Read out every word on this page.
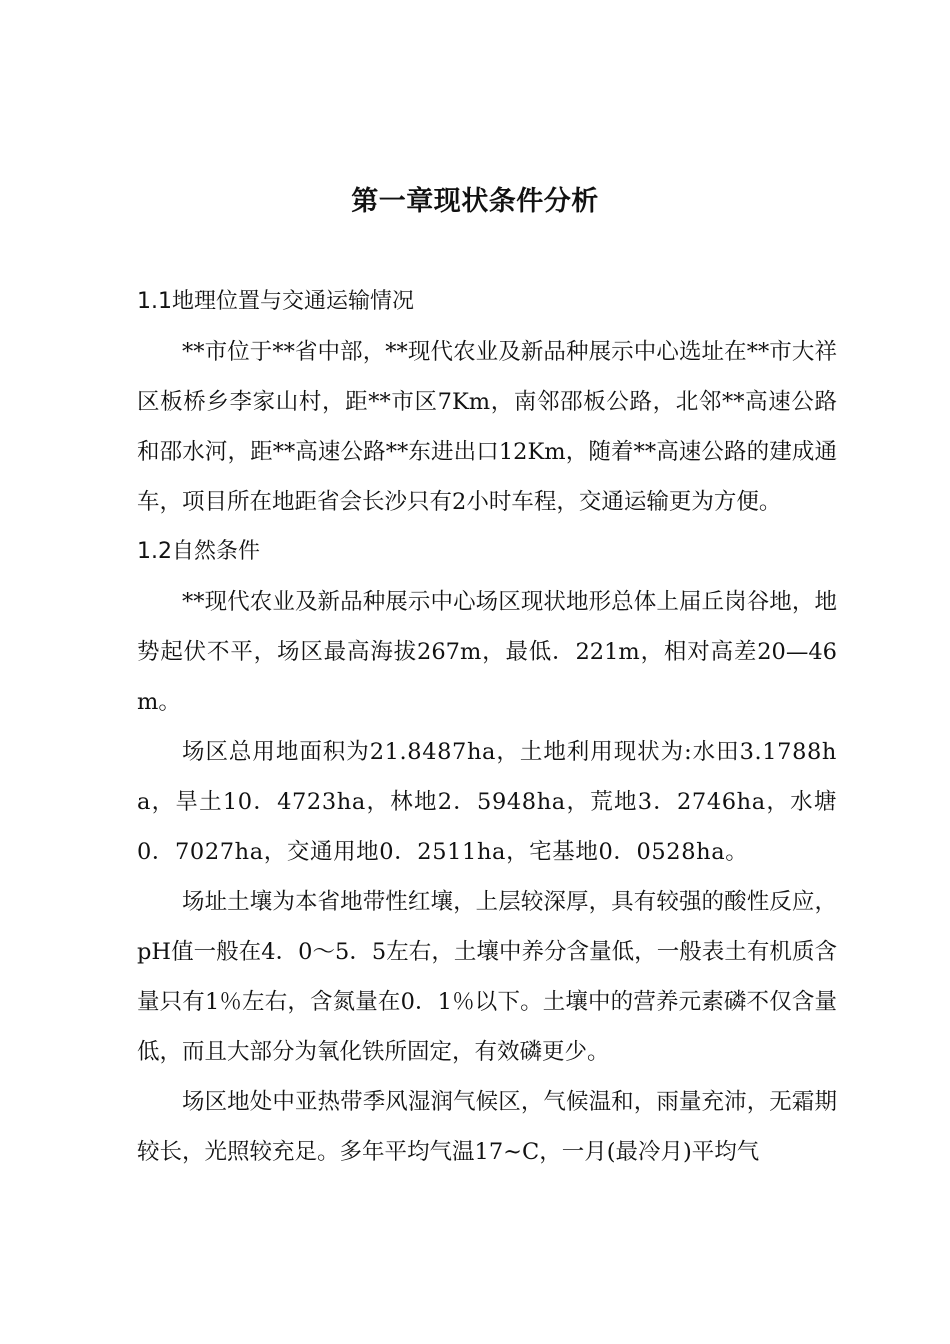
第一章现状条件分析
1.1地理位置与交通运输情况

**市位于**省中部，**现代农业及新品种展示中心选址在**市大祥区板桥乡李家山村，距**市区7Km，南邻邵板公路，北邻**高速公路和邵水河，距**高速公路**东进出口12Km，随着**高速公路的建成通车，项目所在地距省会长沙只有2小时车程，交通运输更为方便。

1.2自然条件

**现代农业及新品种展示中心场区现状地形总体上届丘岗谷地，地势起伏不平，场区最高海拔267m，最低．221m，相对高差20—46m。

场区总用地面积为21.8487ha，土地利用现状为:水田3.1788ha，旱土10．4723ha，林地2．5948ha，荒地3．2746ha，水塘0．7027ha，交通用地0．2511ha，宅基地0．0528ha。

场址土壤为本省地带性红壤，上层较深厚，具有较强的酸性反应，pH值一般在4．0～5．5左右，土壤中养分含量低，一般表土有机质含量只有1％左右，含氮量在0．1％以下。土壤中的营养元素磷不仅含量低，而且大部分为氧化铁所固定，有效磷更少。

场区地处中亚热带季风湿润气候区，气候温和，雨量充沛，无霜期较长，光照较充足。多年平均气温17~C，一月(最冷月)平均气
